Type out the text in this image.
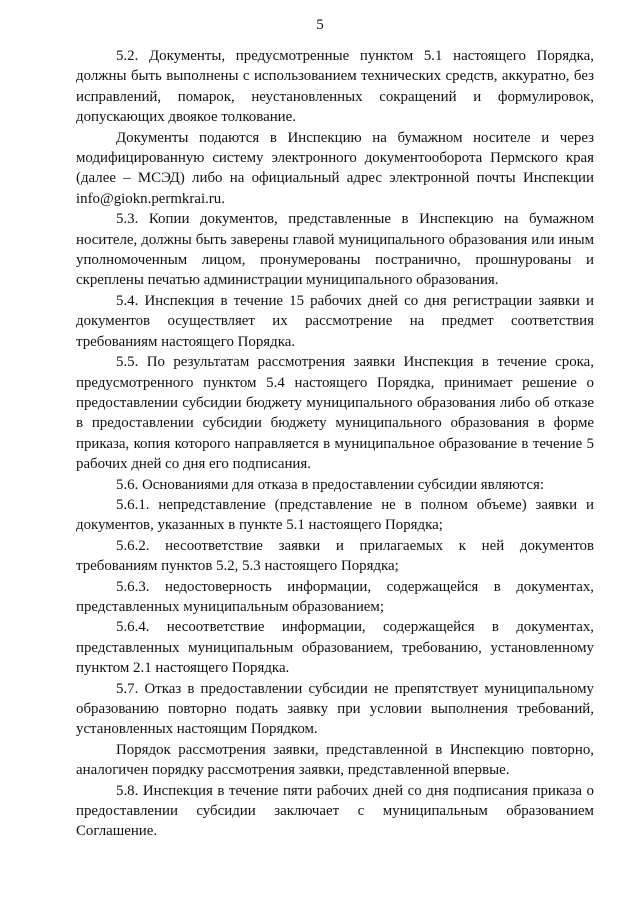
5

5.2. Документы, предусмотренные пунктом 5.1 настоящего Порядка, должны быть выполнены с использованием технических средств, аккуратно, без исправлений, помарок, неустановленных сокращений и формулировок, допускающих двоякое толкование.

Документы подаются в Инспекцию на бумажном носителе и через модифицированную систему электронного документооборота Пермского края (далее – МСЭД) либо на официальный адрес электронной почты Инспекции info@giokn.permkrai.ru.

5.3. Копии документов, представленные в Инспекцию на бумажном носителе, должны быть заверены главой муниципального образования или иным уполномоченным лицом, пронумерованы постранично, прошнурованы и скреплены печатью администрации муниципального образования.

5.4. Инспекция в течение 15 рабочих дней со дня регистрации заявки и документов осуществляет их рассмотрение на предмет соответствия требованиям настоящего Порядка.

5.5. По результатам рассмотрения заявки Инспекция в течение срока, предусмотренного пунктом 5.4 настоящего Порядка, принимает решение о предоставлении субсидии бюджету муниципального образования либо об отказе в предоставлении субсидии бюджету муниципального образования в форме приказа, копия которого направляется в муниципальное образование в течение 5 рабочих дней со дня его подписания.

5.6. Основаниями для отказа в предоставлении субсидии являются:

5.6.1. непредставление (представление не в полном объеме) заявки и документов, указанных в пункте 5.1 настоящего Порядка;

5.6.2. несоответствие заявки и прилагаемых к ней документов требованиям пунктов 5.2, 5.3 настоящего Порядка;

5.6.3. недостоверность информации, содержащейся в документах, представленных муниципальным образованием;

5.6.4. несоответствие информации, содержащейся в документах, представленных муниципальным образованием, требованию, установленному пунктом 2.1 настоящего Порядка.

5.7. Отказ в предоставлении субсидии не препятствует муниципальному образованию повторно подать заявку при условии выполнения требований, установленных настоящим Порядком.

Порядок рассмотрения заявки, представленной в Инспекцию повторно, аналогичен порядку рассмотрения заявки, представленной впервые.

5.8. Инспекция в течение пяти рабочих дней со дня подписания приказа о предоставлении субсидии заключает с муниципальным образованием Соглашение.
